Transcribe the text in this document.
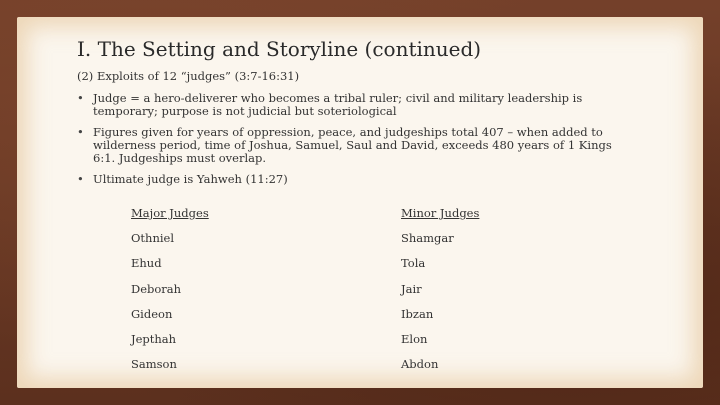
I. The Setting and Storyline (continued)

(2) Exploits of 12 “judges” (3:7-16:31)

• Judge = a hero-deliverer who becomes a tribal ruler; civil and military leadership is temporary; purpose is not judicial but soteriological
• Figures given for years of oppression, peace, and judgeships total 407 – when added to wilderness period, time of Joshua, Samuel, Saul and David, exceeds 480 years of 1 Kings 6:1. Judgeships must overlap.
• Ultimate judge is Yahweh (11:27)
Major Judges
Othniel
Ehud
Deborah
Gideon
Jepthah
Samson
Minor Judges
Shamgar
Tola
Jair
Ibzan
Elon
Abdon
